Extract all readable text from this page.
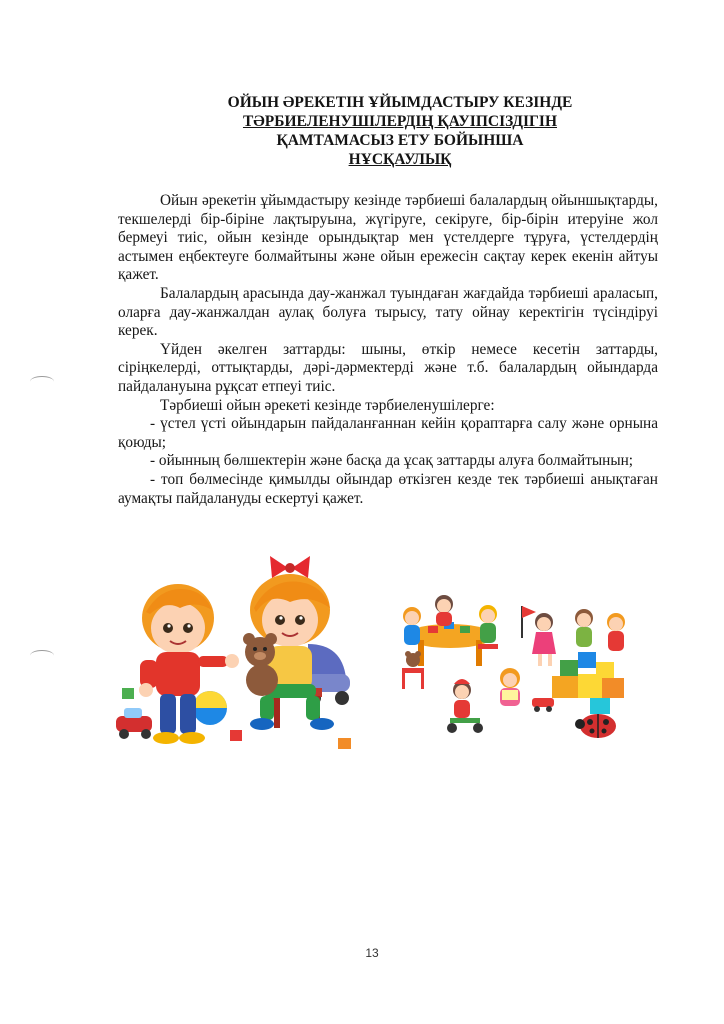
ОЙЫН ӘРЕКЕТІН ҰЙЫМДАСТЫРУ КЕЗІНДЕ
ТӘРБИЕЛЕНУШІЛЕРДІҢ ҚАУІПСІЗДІГІН
ҚАМТАМАСЫЗ ЕТУ БОЙЫНША
НҰСҚАУЛЫҚ

Ойын әрекетін ұйымдастыру кезінде тәрбиеші балалардың ойыншықтарды, текшелерді бір-біріне лақтыруына, жүгіруге, секіруге, бір-бірін итеруіне жол бермеуі тиіс, ойын кезінде орындықтар мен үстелдерге тұруға, үстелдердің астымен еңбектеуге болмайтыны және ойын ережесін сақтау керек екенін айтуы қажет.

Балалардың арасында дау-жанжал туындаған жағдайда тәрбиеші араласып, оларға дау-жанжалдан аулақ болуға тырысу, тату ойнау керектігін түсіндіруі керек.

Үйден әкелген заттарды: шыны, өткір немесе кесетін заттарды, сіріңкелерді, оттықтарды, дәрі-дәрмектерді және т.б. балалардың ойындарда пайдалануына рұқсат етпеуі тиіс.

Тәрбиеші ойын әрекеті кезінде тәрбиеленушілерге:

- үстел үсті ойындарын пайдаланғаннан кейін қораптарға салу және орнына қоюды;

- ойынның бөлшектерін және басқа да ұсақ заттарды алуға болмайтынын;

- топ бөлмесінде қимылды ойындар өткізген кезде тек тәрбиеші анықтаған аумақты пайдалануды ескертуі қажет.

13
